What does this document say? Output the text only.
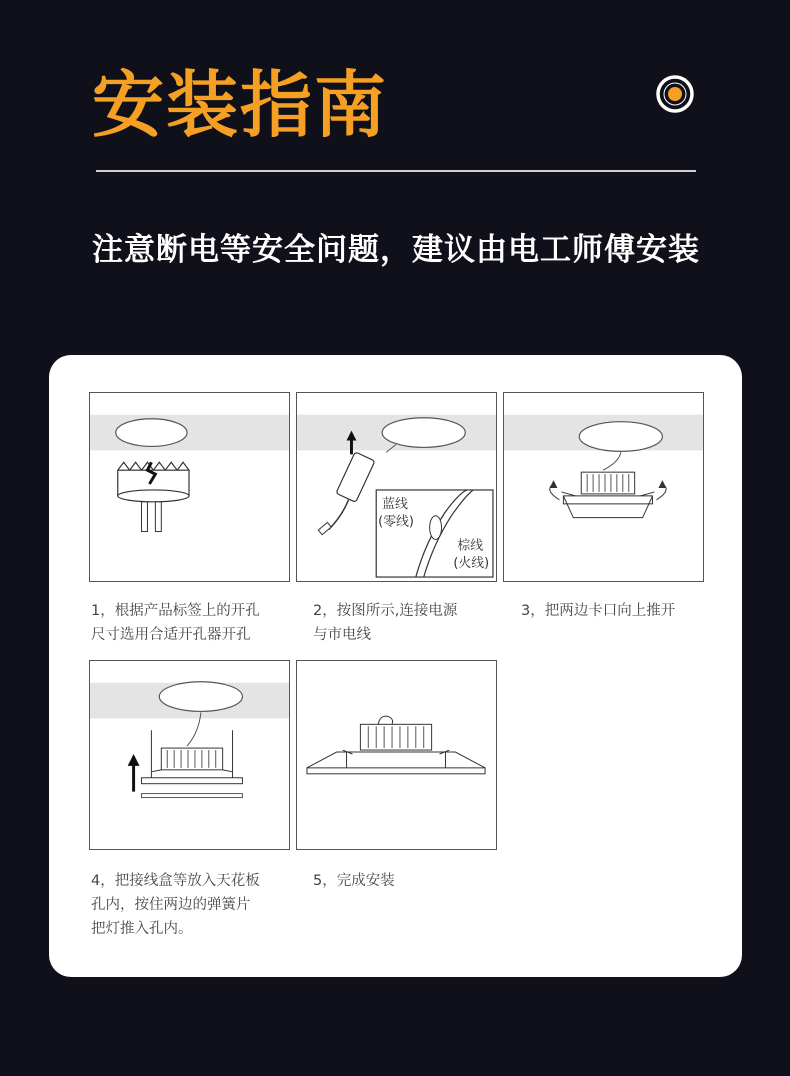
安装指南
注意断电等安全问题，建议由电工师傅安装
蓝线
(零线)
棕线
(火线)
1，根据产品标签上的开孔
尺寸选用合适开孔器开孔
2，按图所示,连接电源
与市电线
3，把两边卡口向上推开
4，把接线盒等放入天花板
孔内，按住两边的弹簧片
把灯推入孔内。
5，完成安装
